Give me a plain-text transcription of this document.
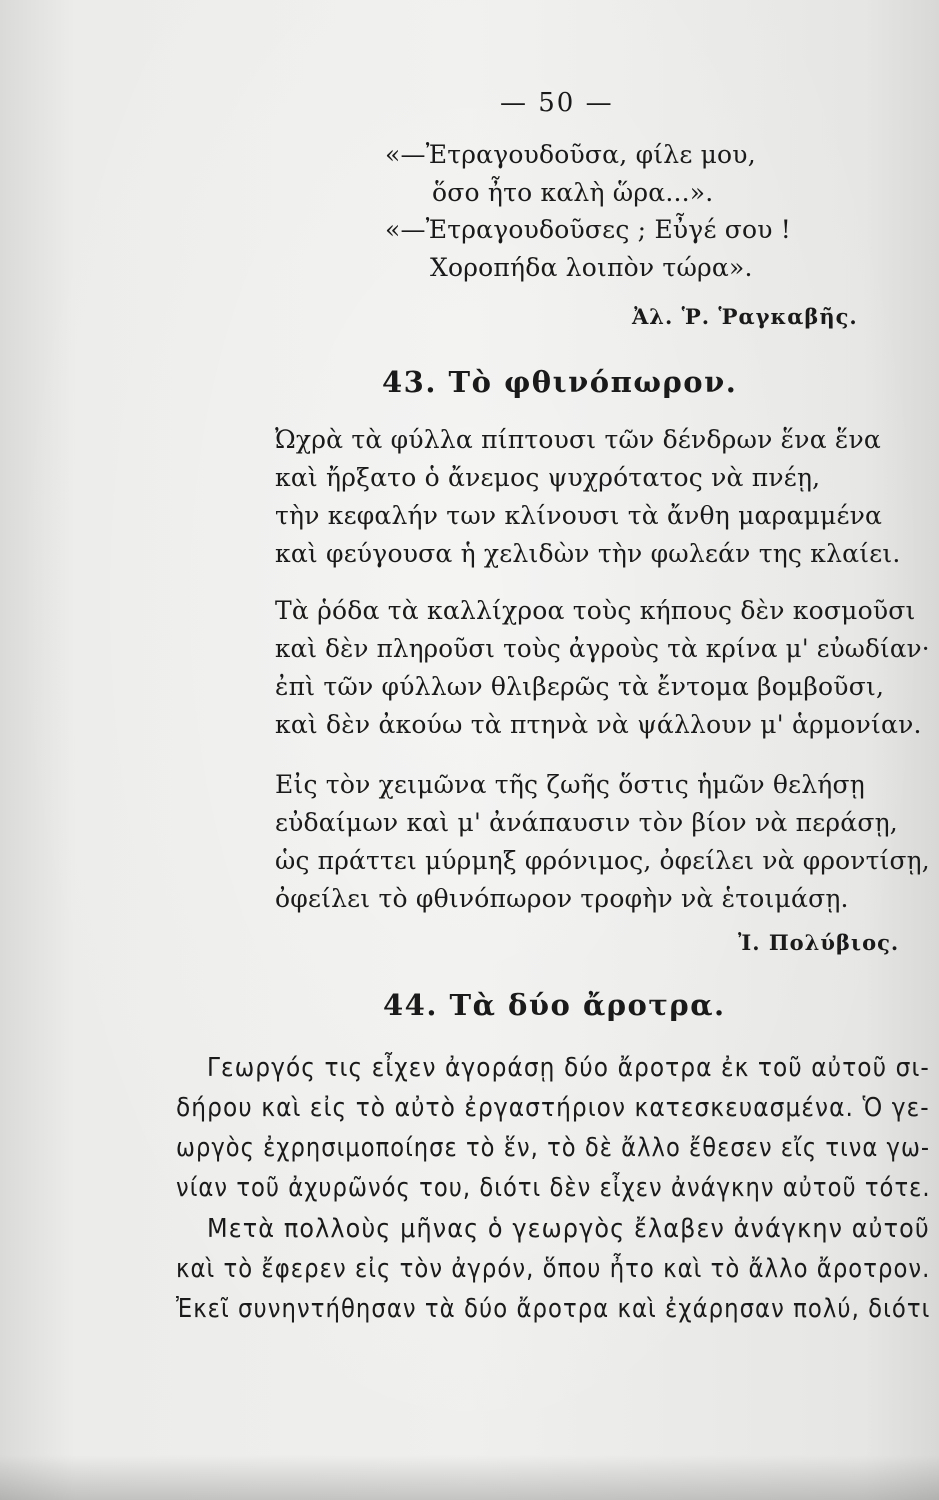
— 50 —
«—Ἐτραγουδοῦσα, φίλε μου,
ὅσο ἦτο καλὴ ὥρα...».
«—Ἐτραγουδοῦσες ; Εὖγέ σου !
Χοροπήδα λοιπὸν τώρα».
Ἀλ. Ῥ. Ῥαγκαβῆς.
43. Τὸ φθινόπωρον.
Ὠχρὰ τὰ φύλλα πίπτουσι τῶν δένδρων ἕνα ἕνα
καὶ ἤρξατο ὁ ἄνεμος ψυχρότατος νὰ πνέῃ,
τὴν κεφαλήν των κλίνουσι τὰ ἄνθη μαραμμένα
καὶ φεύγουσα ἡ χελιδὼν τὴν φωλεάν της κλαίει.
Τὰ ῥόδα τὰ καλλίχροα τοὺς κήπους δὲν κοσμοῦσι
καὶ δὲν πληροῦσι τοὺς ἀγροὺς τὰ κρίνα μ' εὐωδίαν·
ἐπὶ τῶν φύλλων θλιβερῶς τὰ ἔντομα βομβοῦσι,
καὶ δὲν ἀκούω τὰ πτηνὰ νὰ ψάλλουν μ' ἁρμονίαν.
Εἰς τὸν χειμῶνα τῆς ζωῆς ὅστις ἡμῶν θελήσῃ
εὐδαίμων καὶ μ' ἀνάπαυσιν τὸν βίον νὰ περάσῃ,
ὡς πράττει μύρμηξ φρόνιμος, ὀφείλει νὰ φροντίσῃ,
ὀφείλει τὸ φθινόπωρον τροφὴν νὰ ἑτοιμάσῃ.
Ἰ. Πολύβιος.
44. Τὰ δύο ἄροτρα.
Γεωργός τις εἶχεν ἀγοράσῃ δύο ἄροτρα ἐκ τοῦ αὐτοῦ σι-
δήρου καὶ εἰς τὸ αὐτὸ ἐργαστήριον κατεσκευασμένα. Ὁ γε-
ωργὸς ἐχρησιμοποίησε τὸ ἕν, τὸ δὲ ἄλλο ἔθεσεν εἴς τινα γω-
νίαν τοῦ ἀχυρῶνός του, διότι δὲν εἶχεν ἀνάγκην αὐτοῦ τότε.
Μετὰ πολλοὺς μῆνας ὁ γεωργὸς ἔλαβεν ἀνάγκην αὐτοῦ
καὶ τὸ ἔφερεν εἰς τὸν ἀγρόν, ὅπου ἦτο καὶ τὸ ἄλλο ἄροτρον.
Ἐκεῖ συνηντήθησαν τὰ δύο ἄροτρα καὶ ἐχάρησαν πολύ, διότι
